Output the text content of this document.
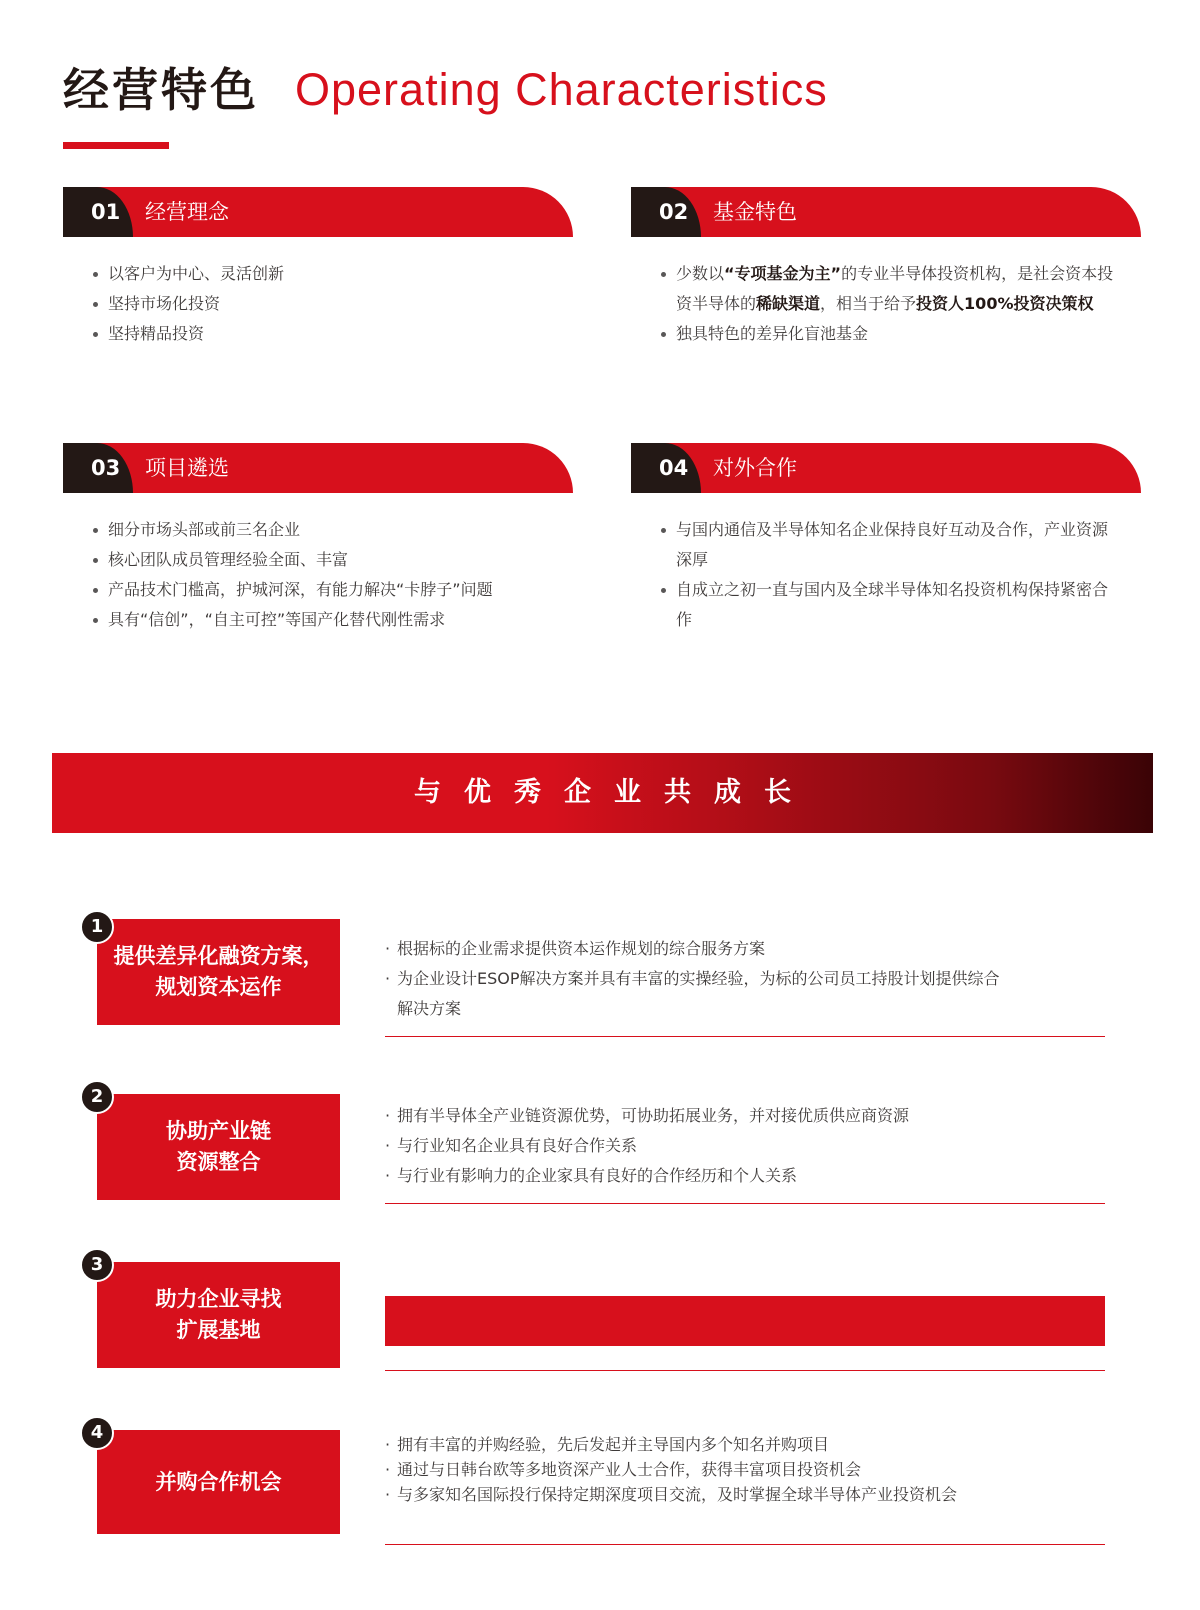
经营特色 Operating Characteristics
01	经营理念
以客户为中心、灵活创新
坚持市场化投资
坚持精品投资
02	基金特色
少数以“专项基金为主”的专业半导体投资机构，是社会资本投资半导体的稀缺渠道，相当于给予投资人100%投资决策权
独具特色的差异化盲池基金
03	项目遴选
细分市场头部或前三名企业
核心团队成员管理经验全面、丰富
产品技术门槛高，护城河深，有能力解决“卡脖子”问题
具有“信创”，“自主可控”等国产化替代刚性需求
04	对外合作
与国内通信及半导体知名企业保持良好互动及合作，产业资源深厚
自成立之初一直与国内及全球半导体知名投资机构保持紧密合作
与优秀企业共成长
提供差异化融资方案，
规划资本运作
1
· 根据标的企业需求提供资本运作规划的综合服务方案
· 为企业设计ESOP解决方案并具有丰富的实操经验，为标的公司员工持股计划提供综合
解决方案
协助产业链
资源整合
2
· 拥有半导体全产业链资源优势，可协助拓展业务，并对接优质供应商资源
· 与行业知名企业具有良好合作关系
· 与行业有影响力的企业家具有良好的合作经历和个人关系
助力企业寻找
扩展基地
3
并购合作机会
4
· 拥有丰富的并购经验，先后发起并主导国内多个知名并购项目
· 通过与日韩台欧等多地资深产业人士合作，获得丰富项目投资机会
· 与多家知名国际投行保持定期深度项目交流，及时掌握全球半导体产业投资机会
